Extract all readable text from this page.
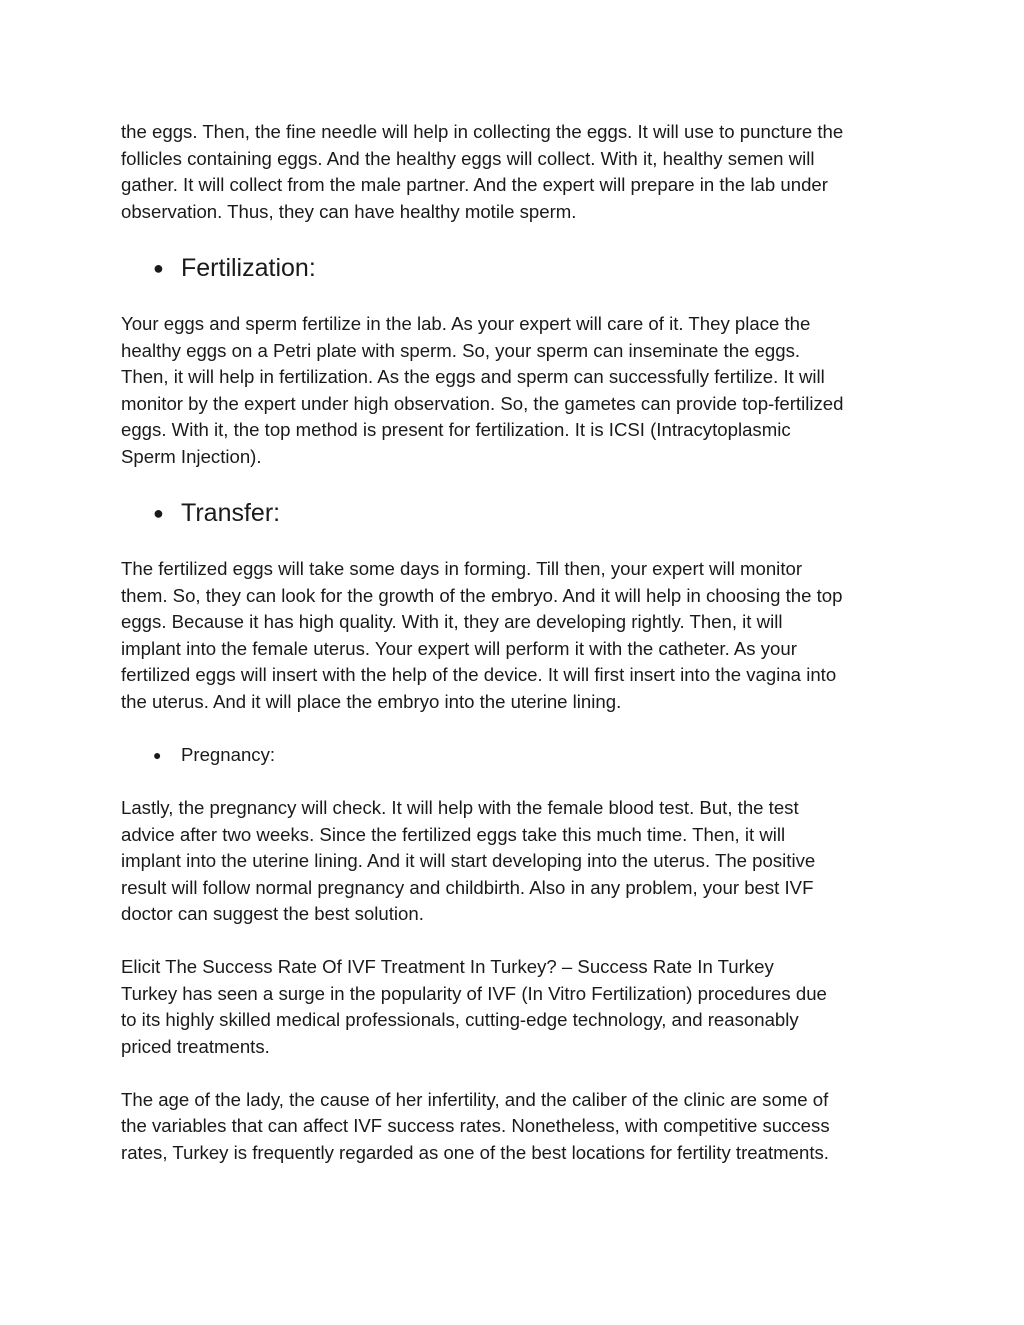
the eggs. Then, the fine needle will help in collecting the eggs. It will use to puncture the
follicles containing eggs. And the healthy eggs will collect. With it, healthy semen will
gather. It will collect from the male partner. And the expert will prepare in the lab under
observation. Thus, they can have healthy motile sperm.

● Fertilization:

Your eggs and sperm fertilize in the lab. As your expert will care of it. They place the
healthy eggs on a Petri plate with sperm. So, your sperm can inseminate the eggs.
Then, it will help in fertilization. As the eggs and sperm can successfully fertilize. It will
monitor by the expert under high observation. So, the gametes can provide top-fertilized
eggs. With it, the top method is present for fertilization. It is ICSI (Intracytoplasmic
Sperm Injection).

● Transfer:

The fertilized eggs will take some days in forming. Till then, your expert will monitor
them. So, they can look for the growth of the embryo. And it will help in choosing the top
eggs. Because it has high quality. With it, they are developing rightly. Then, it will
implant into the female uterus. Your expert will perform it with the catheter. As your
fertilized eggs will insert with the help of the device. It will first insert into the vagina into
the uterus. And it will place the embryo into the uterine lining.

●	Pregnancy:

Lastly, the pregnancy will check. It will help with the female blood test. But, the test
advice after two weeks. Since the fertilized eggs take this much time. Then, it will
implant into the uterine lining. And it will start developing into the uterus. The positive
result will follow normal pregnancy and childbirth. Also in any problem, your best IVF
doctor can suggest the best solution.

Elicit The Success Rate Of IVF Treatment In Turkey? – Success Rate In Turkey
Turkey has seen a surge in the popularity of IVF (In Vitro Fertilization) procedures due
to its highly skilled medical professionals, cutting-edge technology, and reasonably
priced treatments.

The age of the lady, the cause of her infertility, and the caliber of the clinic are some of
the variables that can affect IVF success rates. Nonetheless, with competitive success
rates, Turkey is frequently regarded as one of the best locations for fertility treatments.
